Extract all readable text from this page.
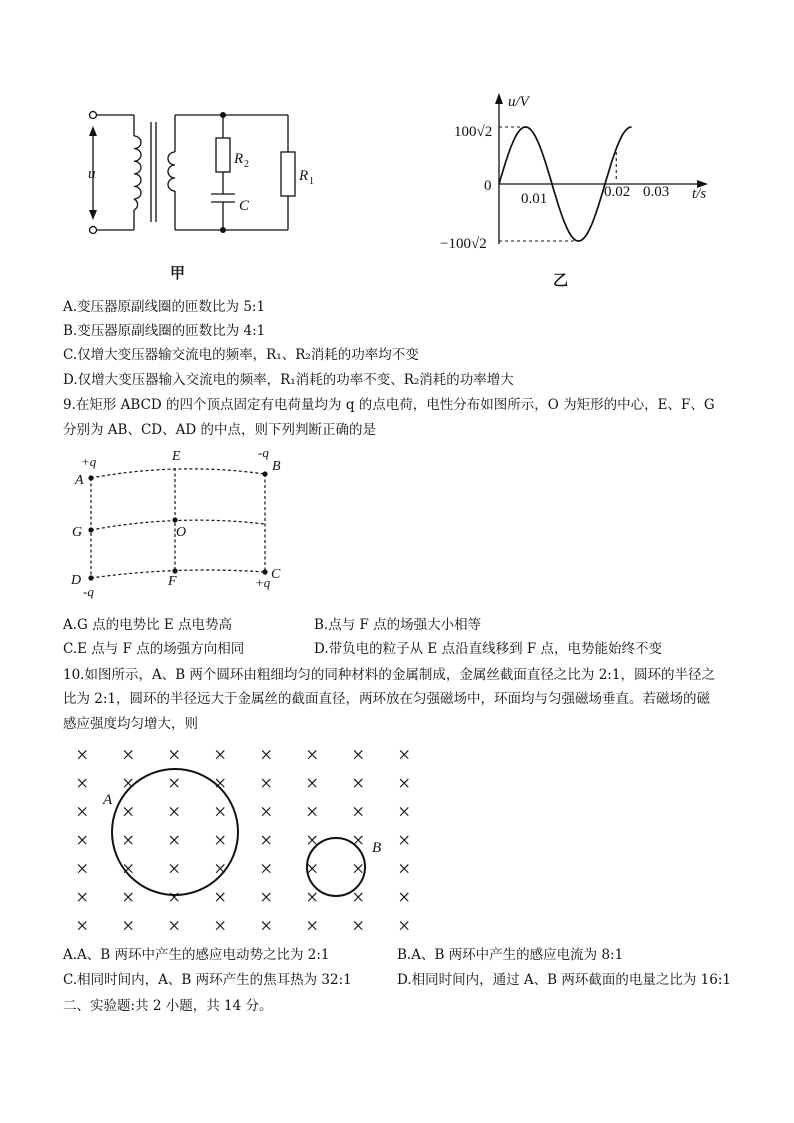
u
R 2
R 1
C
甲
u/V
t/s
100√2
−100√2
0
0.01	0.02 0.03
乙
A.变压器原副线圈的匝数比为 5:1
B.变压器原副线圈的匝数比为 4:1
C.仅增大变压器输交流电的频率，R₁、R₂消耗的功率均不变
D.仅增大变压器输入交流电的频率，R₁消耗的功率不变、R₂消耗的功率增大
9.在矩形 ABCD 的四个顶点固定有电荷量均为 q 的点电荷，电性分布如图所示，O 为矩形的中心，E、F、G
分别为 AB、CD、AD 的中点，则下列判断正确的是
+q
A
E	-q
B
G	O
D
-q
F	C
+q
A.G 点的电势比 E 点电势高	B.点与 F 点的场强大小相等
C.E 点与 F 点的场强方向相同	D.带负电的粒子从 E 点沿直线移到 F 点，电势能始终不变
10.如图所示，A、B 两个圆环由粗细均匀的同种材料的金属制成，金属丝截面直径之比为 2:1，圆环的半径之
比为 2:1，圆环的半径远大于金属丝的截面直径，两环放在匀强磁场中，环面均与匀强磁场垂直。若磁场的磁
感应强度均匀增大，则
× × × × × × × ×
× × × × × × × ×
× × × × × × × ×
× × × × × × × ×
× × × × × × × ×
× × × × × × × ×
× × × × × × × ×
A
B
A.A、B 两环中产生的感应电动势之比为 2:1	B.A、B 两环中产生的感应电流为 8:1
C.相同时间内，A、B 两环产生的焦耳热为 32:1	D.相同时间内，通过 A、B 两环截面的电量之比为 16:1
二、实验题:共 2 小题，共 14 分。
